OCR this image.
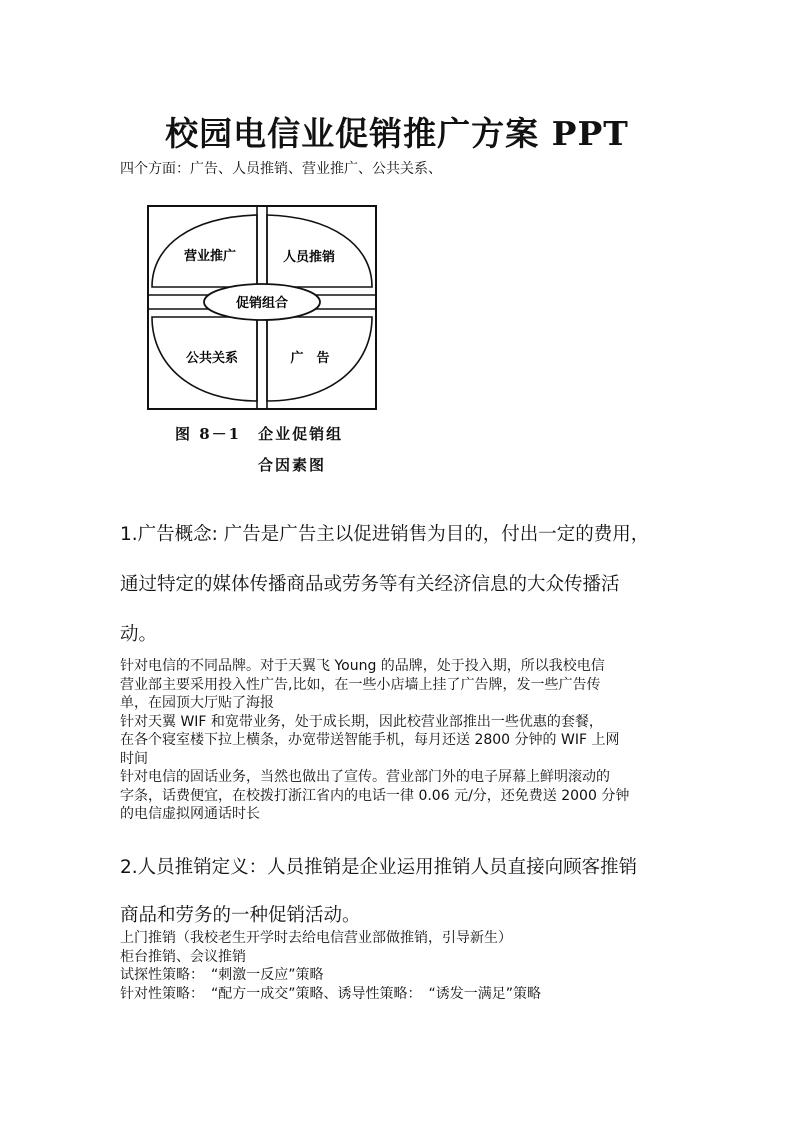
校园电信业促销推广方案 PPT
四个方面：广告、人员推销、营业推广、公共关系、
营业推广	人员推销
公共关系	广　告
促销组合
图 8－1　企业促销组
合因素图
1.广告概念: 广告是广告主以促进销售为目的，付出一定的费用，
通过特定的媒体传播商品或劳务等有关经济信息的大众传播活
动。
针对电信的不同品牌。对于天翼飞 Young 的品牌，处于投入期，所以我校电信
营业部主要采用投入性广告,比如，在一些小店墙上挂了广告牌，发一些广告传
单，在园顶大厅贴了海报
针对天翼 WIF 和宽带业务，处于成长期，因此校营业部推出一些优惠的套餐，
在各个寝室楼下拉上横条，办宽带送智能手机，每月还送 2800 分钟的 WIF 上网
时间
针对电信的固话业务，当然也做出了宣传。营业部门外的电子屏幕上鲜明滚动的
字条，话费便宜，在校拨打浙江省内的电话一律 0.06 元/分，还免费送 2000 分钟
的电信虚拟网通话时长
2.人员推销定义：人员推销是企业运用推销人员直接向顾客推销
商品和劳务的一种促销活动。
上门推销（我校老生开学时去给电信营业部做推销，引导新生）
柜台推销、会议推销
试探性策略：　“刺激一反应”策略
针对性策略：　“配方一成交”策略、诱导性策略：　“诱发一满足”策略
